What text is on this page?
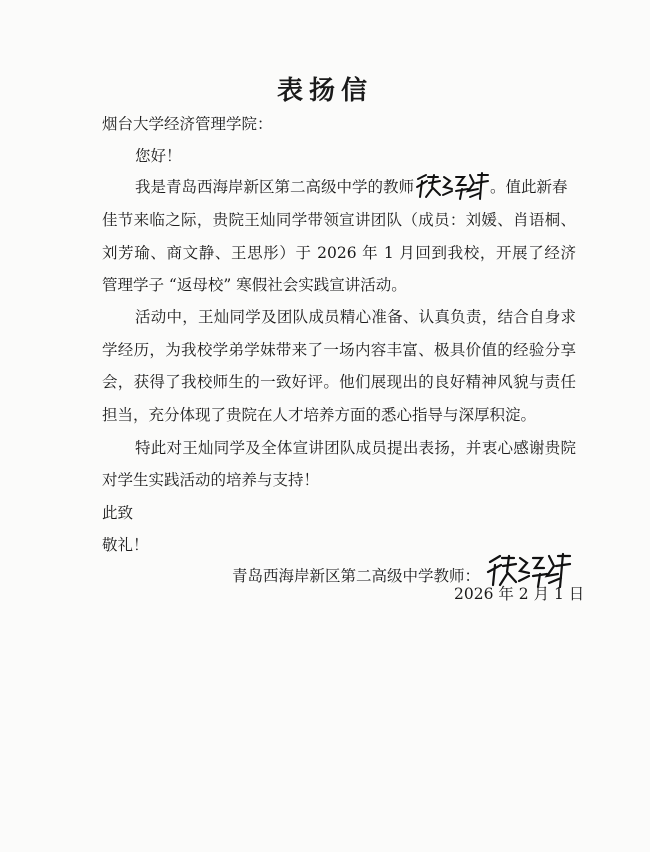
表扬信
烟台大学经济管理学院：
您好！
我是青岛西海岸新区第二高级中学的教师	。值此新春
佳节来临之际，贵院王灿同学带领宣讲团队（成员：刘媛、肖语桐、
刘芳瑜、商文静、王思彤）于 2026 年 1 月回到我校，开展了经济
管理学子 “返母校” 寒假社会实践宣讲活动。
活动中，王灿同学及团队成员精心准备、认真负责，结合自身求
学经历，为我校学弟学妹带来了一场内容丰富、极具价值的经验分享
会，获得了我校师生的一致好评。他们展现出的良好精神风貌与责任
担当，充分体现了贵院在人才培养方面的悉心指导与深厚积淀。
特此对王灿同学及全体宣讲团队成员提出表扬，并衷心感谢贵院
对学生实践活动的培养与支持！
此致
敬礼！
青岛西海岸新区第二高级中学教师：
2026 年 2 月 1 日
